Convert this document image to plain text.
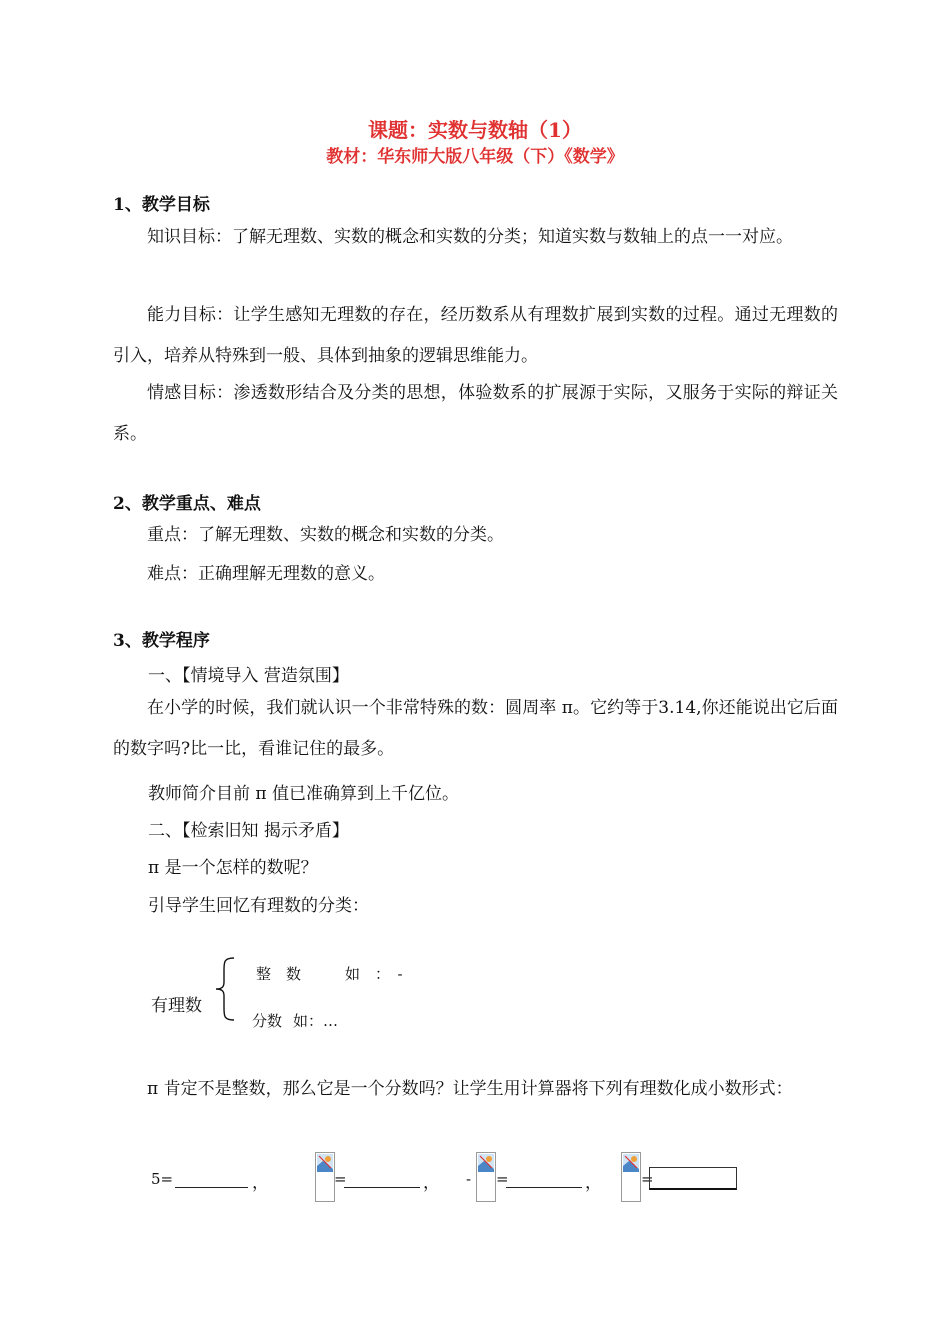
课题：实数与数轴（1）
教材：华东师大版八年级（下）《数学》
1、教学目标
知识目标：了解无理数、实数的概念和实数的分类；知道实数与数轴上的点一一对应。
能力目标：让学生感知无理数的存在，经历数系从有理数扩展到实数的过程。通过无理数的引入，培养从特殊到一般、具体到抽象的逻辑思维能力。
情感目标：渗透数形结合及分类的思想，体验数系的扩展源于实际，又服务于实际的辩证关系。
2、教学重点、难点
重点：了解无理数、实数的概念和实数的分类。
难点：正确理解无理数的意义。
3、教学程序
一、【情境导入 营造氛围】
在小学的时候，我们就认识一个非常特殊的数：圆周率 π。它约等于3.14,你还能说出它后面的数字吗?比一比，看谁记住的最多。
教师简介目前 π 值已准确算到上千亿位。
二、【检索旧知 揭示矛盾】
π 是一个怎样的数呢？
引导学生回忆有理数的分类：
有理数
整　数	如　：　-
分数 如：…
π 肯定不是整数，那么它是一个分数吗？让学生用计算器将下列有理数化成小数形式：
5=	，	=	， - =	，	=
